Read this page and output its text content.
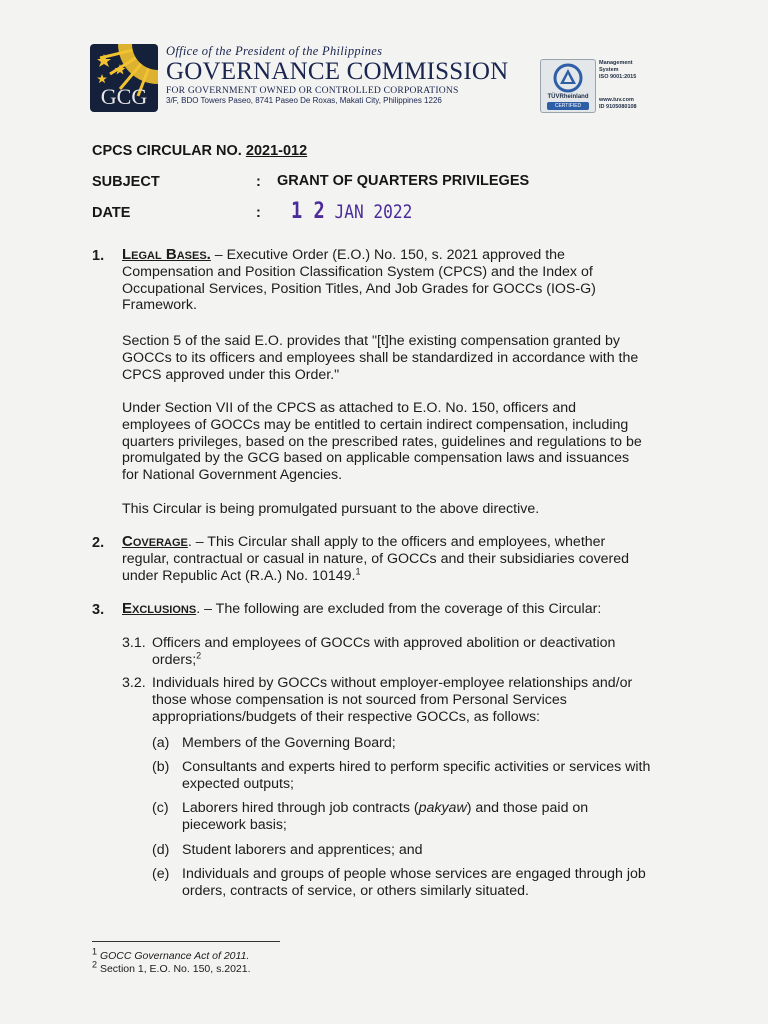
GCG
Office of the President of the Philippines
GOVERNANCE COMMISSION
FOR GOVERNMENT OWNED OR CONTROLLED CORPORATIONS
3/F, BDO Towers Paseo, 8741 Paseo De Roxas, Makati City, Philippines 1226	TÜVRheinland
CERTIFIED
Management
System
ISO 9001:2015
www.tuv.com
ID 9105080108
CPCS CIRCULAR NO. 2021-012
SUBJECT	: GRANT OF QUARTERS PRIVILEGES
DATE	: 1 2 JAN 2022
1. Legal Bases. – Executive Order (E.O.) No. 150, s. 2021 approved the Compensation and Position Classification System (CPCS) and the Index of Occupational Services, Position Titles, And Job Grades for GOCCs (IOS-G) Framework.
Section 5 of the said E.O. provides that "[t]he existing compensation granted by GOCCs to its officers and employees shall be standardized in accordance with the CPCS approved under this Order."
Under Section VII of the CPCS as attached to E.O. No. 150, officers and employees of GOCCs may be entitled to certain indirect compensation, including quarters privileges, based on the prescribed rates, guidelines and regulations to be promulgated by the GCG based on applicable compensation laws and issuances for National Government Agencies.
This Circular is being promulgated pursuant to the above directive.
2. Coverage. – This Circular shall apply to the officers and employees, whether regular, contractual or casual in nature, of GOCCs and their subsidiaries covered under Republic Act (R.A.) No. 10149.$^1$
3. Exclusions. – The following are excluded from the coverage of this Circular:
3.1. Officers and employees of GOCCs with approved abolition or deactivation orders;$^2$
3.2. Individuals hired by GOCCs without employer-employee relationships and/or those whose compensation is not sourced from Personal Services appropriations/budgets of their respective GOCCs, as follows:
(a) Members of the Governing Board;
(b) Consultants and experts hired to perform specific activities or services with expected outputs;
(c) Laborers hired through job contracts (pakyaw) and those paid on piecework basis;
(d) Student laborers and apprentices; and
(e) Individuals and groups of people whose services are engaged through job orders, contracts of service, or others similarly situated.
$^1$ GOCC Governance Act of 2011.
$^2$ Section 1, E.O. No. 150, s.2021.
